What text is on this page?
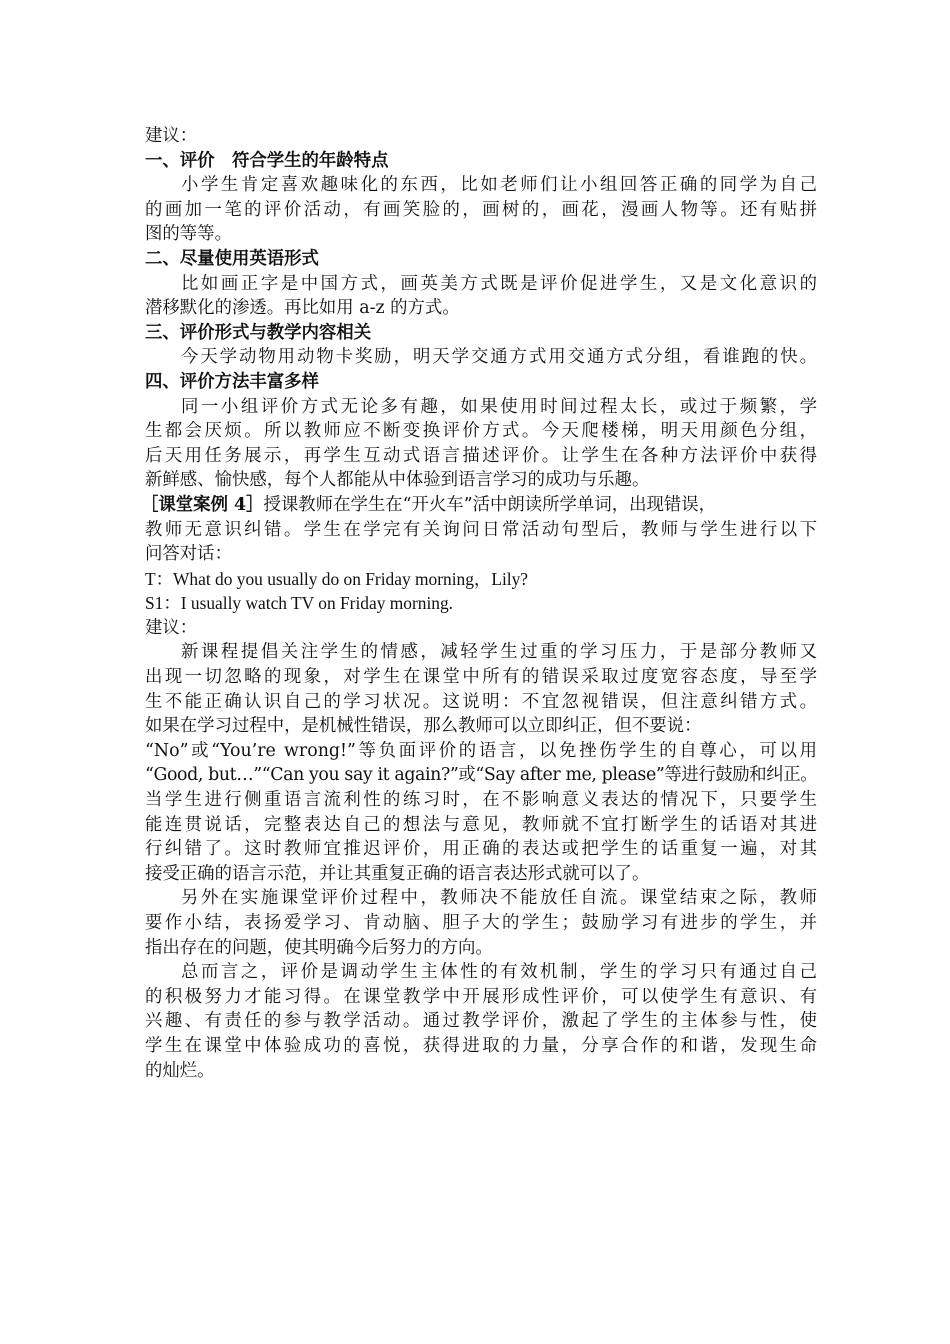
建议：
一、评价　符合学生的年龄特点
小学生肯定喜欢趣味化的东西，比如老师们让小组回答正确的同学为自己
的画加一笔的评价活动，有画笑脸的，画树的，画花，漫画人物等。还有贴拼
图的等等。
二、尽量使用英语形式
比如画正字是中国方式，画英美方式既是评价促进学生，又是文化意识的
潜移默化的渗透。再比如用 a-z 的方式。
三、评价形式与教学内容相关
今天学动物用动物卡奖励，明天学交通方式用交通方式分组，看谁跑的快。
四、评价方法丰富多样
同一小组评价方式无论多有趣，如果使用时间过程太长，或过于频繁，学
生都会厌烦。所以教师应不断变换评价方式。今天爬楼梯，明天用颜色分组，
后天用任务展示，再学生互动式语言描述评价。让学生在各种方法评价中获得
新鲜感、愉快感，每个人都能从中体验到语言学习的成功与乐趣。
［课堂案例 4］授课教师在学生在“开火车”活中朗读所学单词，出现错误，
教师无意识纠错。学生在学完有关询问日常活动句型后，教师与学生进行以下
问答对话：
T：What do you usually do on Friday morning，Lily?
S1：I usually watch TV on Friday morning.
建议：
新课程提倡关注学生的情感，减轻学生过重的学习压力，于是部分教师又
出现一切忽略的现象，对学生在课堂中所有的错误采取过度宽容态度，导至学
生不能正确认识自己的学习状况。这说明：不宜忽视错误，但注意纠错方式。
如果在学习过程中，是机械性错误，那么教师可以立即纠正，但不要说：
“No”或“You’re wrong!”等负面评价的语言，以免挫伤学生的自尊心，可以用
“Good, but…”“Can you say it again?”或“Say after me, please”等进行鼓励和纠正。
当学生进行侧重语言流利性的练习时，在不影响意义表达的情况下，只要学生
能连贯说话，完整表达自己的想法与意见，教师就不宜打断学生的话语对其进
行纠错了。这时教师宜推迟评价，用正确的表达或把学生的话重复一遍，对其
接受正确的语言示范，并让其重复正确的语言表达形式就可以了。
另外在实施课堂评价过程中，教师决不能放任自流。课堂结束之际，教师
要作小结，表扬爱学习、肯动脑、胆子大的学生；鼓励学习有进步的学生，并
指出存在的问题，使其明确今后努力的方向。
总而言之，评价是调动学生主体性的有效机制，学生的学习只有通过自己
的积极努力才能习得。在课堂教学中开展形成性评价，可以使学生有意识、有
兴趣、有责任的参与教学活动。通过教学评价，激起了学生的主体参与性，使
学生在课堂中体验成功的喜悦，获得进取的力量，分享合作的和谐，发现生命
的灿烂。
